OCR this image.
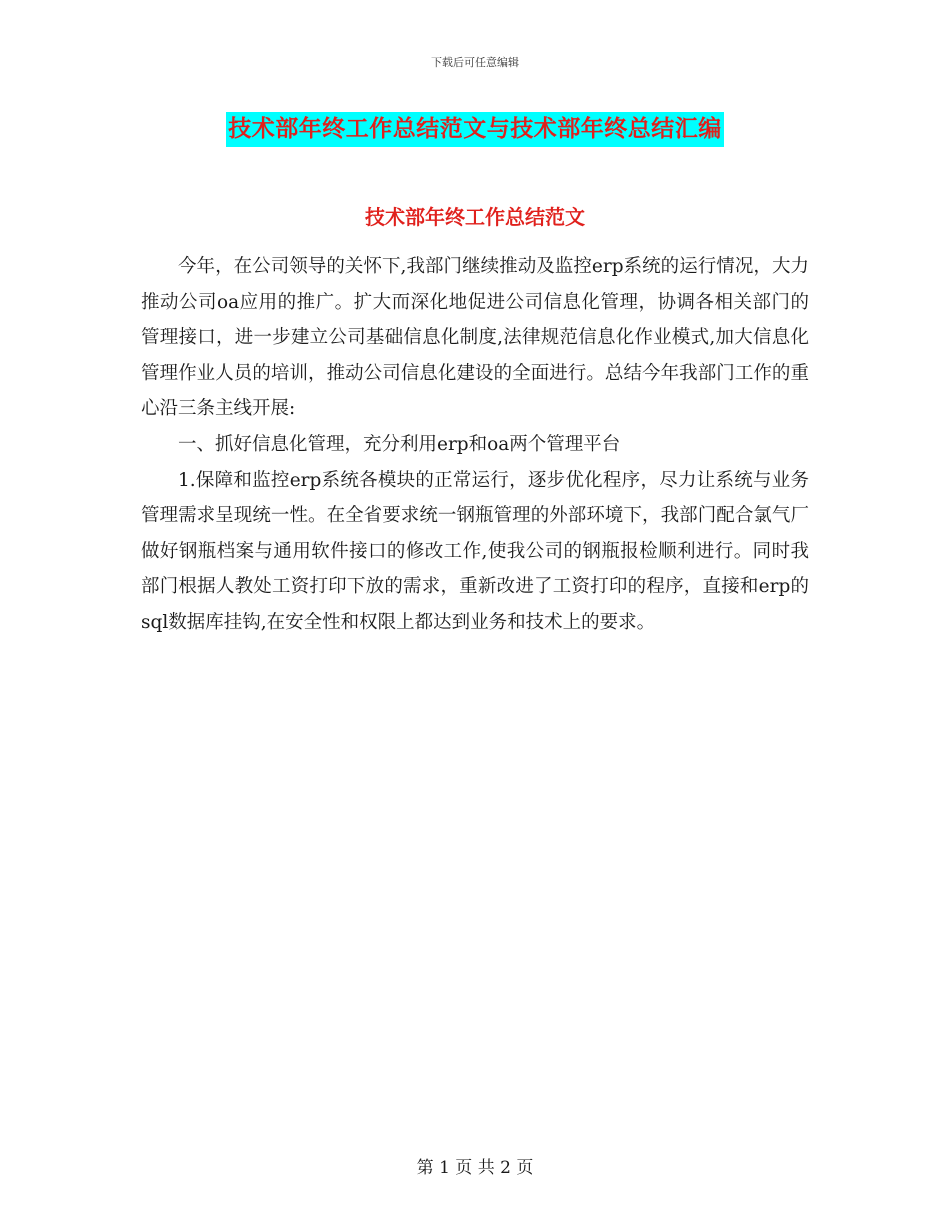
下载后可任意编辑
技术部年终工作总结范文与技术部年终总结汇编
技术部年终工作总结范文

今年，在公司领导的关怀下,我部门继续推动及监控erp系统的运行情况，大力推动公司oa应用的推广。扩大而深化地促进公司信息化管理，协调各相关部门的管理接口，进一步建立公司基础信息化制度,法律规范信息化作业模式,加大信息化管理作业人员的培训，推动公司信息化建设的全面进行。总结今年我部门工作的重心沿三条主线开展:

一、抓好信息化管理，充分利用erp和oa两个管理平台

1.保障和监控erp系统各模块的正常运行，逐步优化程序，尽力让系统与业务管理需求呈现统一性。在全省要求统一钢瓶管理的外部环境下，我部门配合氯气厂做好钢瓶档案与通用软件接口的修改工作,使我公司的钢瓶报检顺利进行。同时我部门根据人教处工资打印下放的需求，重新改进了工资打印的程序，直接和erp的sql数据库挂钩,在安全性和权限上都达到业务和技术上的要求。

第 1 页 共 2 页
